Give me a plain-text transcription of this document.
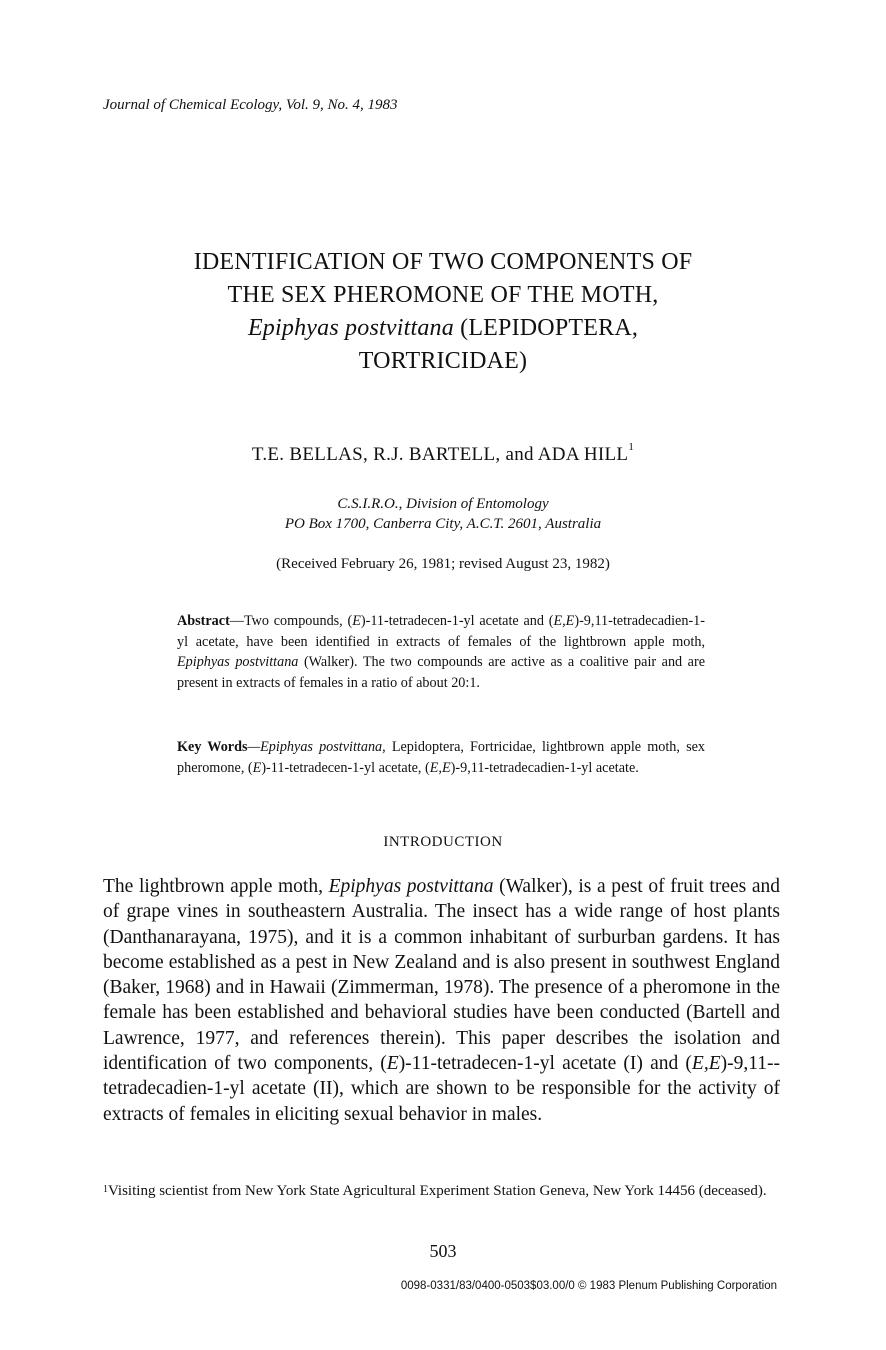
Journal of Chemical Ecology, Vol. 9, No. 4, 1983
IDENTIFICATION OF TWO COMPONENTS OF
THE SEX PHEROMONE OF THE MOTH,
Epiphyas postvittana (LEPIDOPTERA,
TORTRICIDAE)
T.E. BELLAS, R.J. BARTELL, and ADA HILL$^1$
C.S.I.R.O., Division of Entomology
PO Box 1700, Canberra City, A.C.T. 2601, Australia
(Received February 26, 1981; revised August 23, 1982)
Abstract—Two compounds, (E)-11-tetradecen-1-yl acetate and (E,E)-9,11-tetradecadien-1-yl acetate, have been identified in extracts of females of the lightbrown apple moth, Epiphyas postvittana (Walker). The two compounds are active as a coalitive pair and are present in extracts of females in a ratio of about 20:1.
Key Words—Epiphyas postvittana, Lepidoptera, Fortricidae, lightbrown apple moth, sex pheromone, (E)-11-tetradecen-1-yl acetate, (E,E)-9,11-tetradecadien-1-yl acetate.
INTRODUCTION
The lightbrown apple moth, Epiphyas postvittana (Walker), is a pest of fruit trees and of grape vines in southeastern Australia. The insect has a wide range of host plants (Danthanarayana, 1975), and it is a common inhabitant of surburban gardens. It has become established as a pest in New Zealand and is also present in southwest England (Baker, 1968) and in Hawaii (Zimmerman, 1978). The presence of a pheromone in the female has been established and behavioral studies have been conducted (Bartell and Lawrence, 1977, and references therein). This paper describes the isolation and identification of two components, (E)-11-tetradecen-1-yl acetate (I) and (E,E)-9,11--tetradecadien-1-yl acetate (II), which are shown to be responsible for the activity of extracts of females in eliciting sexual behavior in males.
$^1$Visiting scientist from New York State Agricultural Experiment Station Geneva, New York 14456 (deceased).
503
0098-0331/83/0400-0503$03.00/0 © 1983 Plenum Publishing Corporation
